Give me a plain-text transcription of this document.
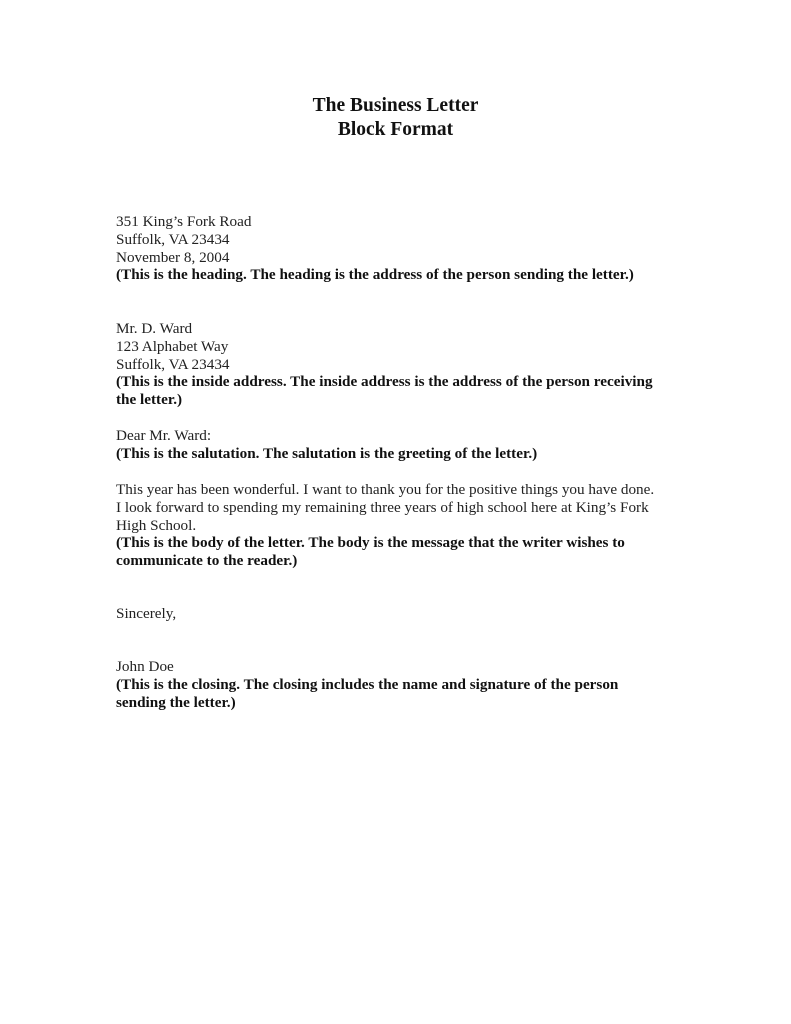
The Business Letter
Block Format
351 King’s Fork Road
Suffolk, VA 23434
November 8, 2004
(This is the heading. The heading is the address of the person sending the letter.)
Mr. D. Ward
123 Alphabet Way
Suffolk, VA 23434
(This is the inside address. The inside address is the address of the person receiving
the letter.)
Dear Mr. Ward:
(This is the salutation. The salutation is the greeting of the letter.)
This year has been wonderful. I want to thank you for the positive things you have done.
I look forward to spending my remaining three years of high school here at King’s Fork
High School.
(This is the body of the letter. The body is the message that the writer wishes to
communicate to the reader.)
Sincerely,
John Doe
(This is the closing. The closing includes the name and signature of the person
sending the letter.)
